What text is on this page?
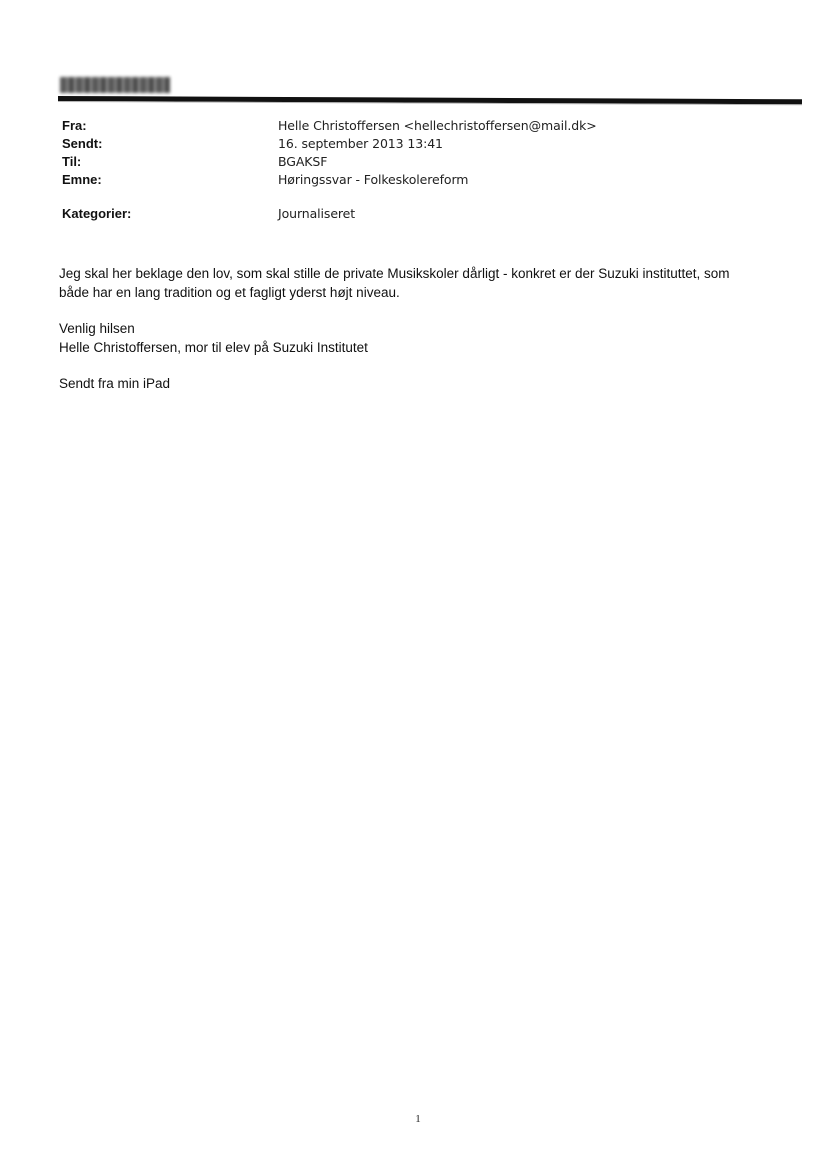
Fra:	Helle Christoffersen <hellechristoffersen@mail.dk>
Sendt:	16. september 2013 13:41
Til:	BGAKSF
Emne:	Høringssvar - Folkeskolereform
Kategorier:	Journaliseret

Jeg skal her beklage den lov, som skal stille de private Musikskoler dårligt - konkret er der Suzuki instituttet, som
både har en lang tradition og et fagligt yderst højt niveau.

Venlig hilsen
Helle Christoffersen, mor til elev på Suzuki Institutet

Sendt fra min iPad

1
